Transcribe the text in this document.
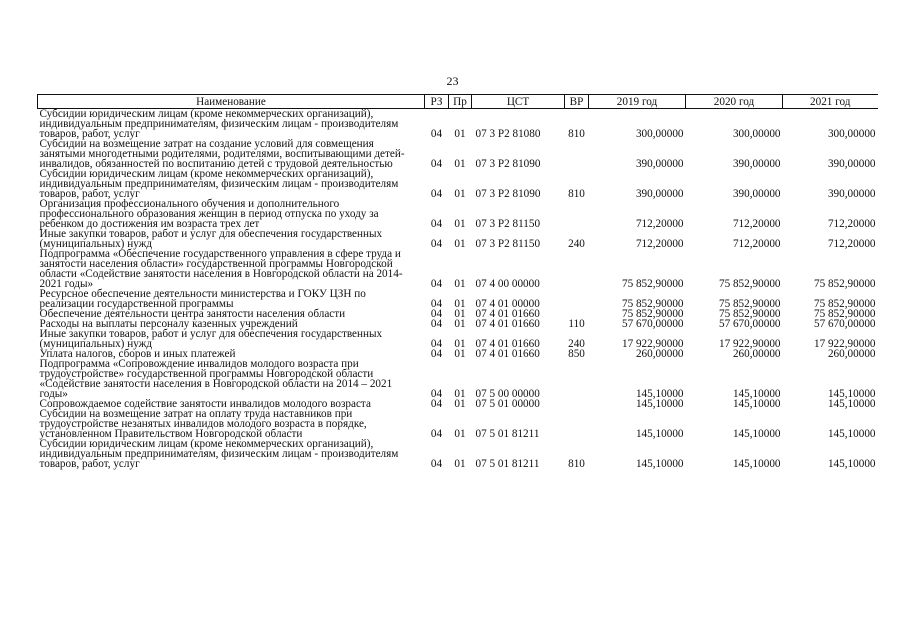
23
Наименование	РЗ	Пр	ЦСТ	ВР	2019 год	2020 год	2021 год
Субсидии юридическим лицам (кроме некоммерческих организаций), индивидуальным предпринимателям, физическим лицам - производителям товаров, работ, услуг	04	01	07 3 Р2 81080	810	300,00000	300,00000	300,00000
Субсидии на возмещение затрат на создание условий для совмещения занятыми многодетными родителями, родителями, воспитывающими детей-инвалидов, обязанностей по воспитанию детей с трудовой деятельностью	04	01	07 3 Р2 81090		390,00000	390,00000	390,00000
Субсидии юридическим лицам (кроме некоммерческих организаций), индивидуальным предпринимателям, физическим лицам - производителям товаров, работ, услуг	04	01	07 3 Р2 81090	810	390,00000	390,00000	390,00000
Организация профессионального обучения и дополнительного профессионального образования женщин в период отпуска по уходу за ребенком до достижения им возраста трех лет	04	01	07 3 Р2 81150		712,20000	712,20000	712,20000
Иные закупки товаров, работ и услуг для обеспечения государственных (муниципальных) нужд	04	01	07 3 Р2 81150	240	712,20000	712,20000	712,20000
Подпрограмма «Обеспечение государственного управления в сфере труда и занятости населения области» государственной программы Новгородской области «Содействие занятости населения в Новгородской области на 2014-2021 годы»	04	01	07 4 00 00000		75 852,90000	75 852,90000	75 852,90000
Ресурсное обеспечение деятельности министерства и ГОКУ ЦЗН по реализации государственной программы	04	01	07 4 01 00000		75 852,90000	75 852,90000	75 852,90000
Обеспечение деятельности центра занятости населения области	04	01	07 4 01 01660		75 852,90000	75 852,90000	75 852,90000
Расходы на выплаты персоналу казенных учреждений	04	01	07 4 01 01660	110	57 670,00000	57 670,00000	57 670,00000
Иные закупки товаров, работ и услуг для обеспечения государственных (муниципальных) нужд	04	01	07 4 01 01660	240	17 922,90000	17 922,90000	17 922,90000
Уплата налогов, сборов и иных платежей	04	01	07 4 01 01660	850	260,00000	260,00000	260,00000
Подпрограмма «Сопровождение инвалидов молодого возраста при трудоустройстве» государственной программы Новгородской области «Содействие занятости населения в Новгородской области на 2014 – 2021 годы»	04	01	07 5 00 00000		145,10000	145,10000	145,10000
Сопровождаемое содействие занятости инвалидов молодого возраста	04	01	07 5 01 00000		145,10000	145,10000	145,10000
Субсидии на возмещение затрат на оплату труда наставников при трудоустройстве незанятых инвалидов молодого возраста в порядке, установленном Правительством Новгородской области	04	01	07 5 01 81211		145,10000	145,10000	145,10000
Субсидии юридическим лицам (кроме некоммерческих организаций), индивидуальным предпринимателям, физическим лицам - производителям товаров, работ, услуг	04	01	07 5 01 81211	810	145,10000	145,10000	145,10000
